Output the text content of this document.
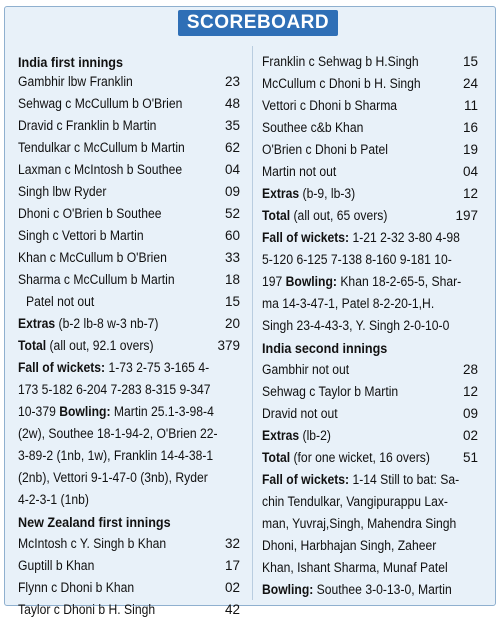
SCOREBOARD
India first innings
Gambhir lbw Franklin	23
Sehwag c McCullum b O'Brien	48
Dravid c Franklin b Martin	35
Tendulkar c McCullum b Martin	62
Laxman c McIntosh b Southee	04
Singh lbw Ryder	09
Dhoni c O'Brien b Southee	52
Singh c Vettori b Martin	60
Khan c McCullum b O'Brien	33
Sharma c McCullum b Martin	18
Patel not out	15
Extras (b-2 lb-8 w-3 nb-7)	20
Total (all out, 92.1 overs)	379
Fall of wickets: 1-73 2-75 3-165 4-
173 5-182 6-204 7-283 8-315 9-347
10-379 Bowling: Martin 25.1-3-98-4
(2w), Southee 18-1-94-2, O'Brien 22-
3-89-2 (1nb, 1w), Franklin 14-4-38-1
(2nb), Vettori 9-1-47-0 (3nb), Ryder
4-2-3-1 (1nb)
New Zealand first innings
McIntosh c Y. Singh b Khan	32
Guptill b Khan	17
Flynn c Dhoni b Khan	02
Taylor c Dhoni b H. Singh	42
Franklin c Sehwag b H.Singh	15
McCullum c Dhoni b H. Singh	24
Vettori c Dhoni b Sharma	11
Southee c&b Khan	16
O'Brien c Dhoni b Patel	19
Martin not out	04
Extras (b-9, lb-3)	12
Total (all out, 65 overs)	197
Fall of wickets: 1-21 2-32 3-80 4-98
5-120 6-125 7-138 8-160 9-181 10-
197 Bowling: Khan 18-2-65-5, Shar-
ma 14-3-47-1, Patel 8-2-20-1,H.
Singh 23-4-43-3, Y. Singh 2-0-10-0
India second innings
Gambhir not out	28
Sehwag c Taylor b Martin	12
Dravid not out	09
Extras (lb-2)	02
Total (for one wicket, 16 overs)	51
Fall of wickets: 1-14 Still to bat: Sa-
chin Tendulkar, Vangipurappu Lax-
man, Yuvraj,Singh, Mahendra Singh
Dhoni, Harbhajan Singh, Zaheer
Khan, Ishant Sharma, Munaf Patel
Bowling: Southee 3-0-13-0, Martin
